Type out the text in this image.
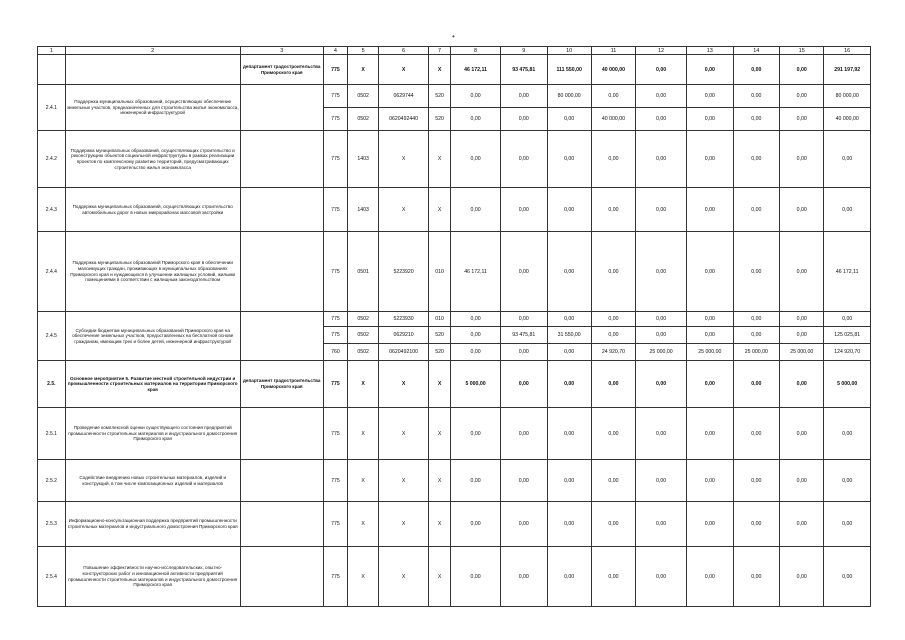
•
1	2	3	4	5	6	7	8	9	10	11	12	13	14	15	16
		департамент градостроительства Приморского края	775	X	X	X	46 172,11	93 475,81	111 550,00	40 000,00	0,00	0,00	0,00	0,00	291 197,92
2.4.1	Поддержка муниципальных образований, осуществляющих обеспечение земельных участков, предназначенных для строительства жилья экономкласса, инженерной инфраструктурой		775	0502	0629744	520	0,00	0,00	80 000,00	0,00	0,00	0,00	0,00	0,00	80 000,00
			775	0502	0620492440	520	0,00	0,00	0,00	40 000,00	0,00	0,00	0,00	0,00	40 000,00
2.4.2	Поддержка муниципальных образований, осуществляющих строительство и реконструкцию объектов социальной инфраструктуры в рамках реализации проектов по комплексному развитию территорий, предусматривающих строительство жилья экономкласса		775	1403	X	X	0,00	0,00	0,00	0,00	0,00	0,00	0,00	0,00	0,00
2.4.3	Поддержка муниципальных образований, осуществляющих строительство автомобильных дорог в новых микрорайонах массовой застройки		775	1403	X	X	0,00	0,00	0,00	0,00	0,00	0,00	0,00	0,00	0,00
2.4.4	Поддержка муниципальных образований Приморского края в обеспечении малоимущих граждан, проживающих в муниципальных образованиях Приморского края и нуждающихся в улучшении жилищных условий, жилыми помещениями в соответствии с жилищным законодательством		775	0501	5223920	010	46 172,11	0,00	0,00	0,00	0,00	0,00	0,00	0,00	46 172,11
2.4.5	Субсидии бюджетам муниципальных образований Приморского края на обеспечение земельных участков, предоставленных на бесплатной основе гражданам, имеющим трех и более детей, инженерной инфраструктурой		775	0502	5223930	010	0,00	0,00	0,00	0,00	0,00	0,00	0,00	0,00	0,00
			775	0502	0629210	520	0,00	93 475,81	31 550,00	0,00	0,00	0,00	0,00	0,00	125 025,81
			760	0502	0620492100	520	0,00	0,00	0,00	24 920,70	25 000,00	25 000,00	25 000,00	25 000,00	124 920,70
2.5.	Основное мероприятие 5. Развитие местной строительной индустрии и промышленности строительных материалов на территории Приморского края	департамент градостроительства Приморского края	775	X	X	X	5 000,00	0,00	0,00	0,00	0,00	0,00	0,00	0,00	5 000,00
2.5.1	Проведение комплексной оценки существующего состояния предприятий промышленности строительных материалов и индустриального домостроения Приморского края		775	X	X	X	0,00	0,00	0,00	0,00	0,00	0,00	0,00	0,00	0,00
2.5.2	Содействие внедрению новых строительных материалов, изделий и конструкций, в том числе композиционных изделий и материалов		775	X	X	X	0,00	0,00	0,00	0,00	0,00	0,00	0,00	0,00	0,00
2.5.3	Информационно-консультационная поддержка предприятий промышленности строительных материалов и индустриального домостроения Приморского края		775	X	X	X	0,00	0,00	0,00	0,00	0,00	0,00	0,00	0,00	0,00
2.5.4	Повышение эффективности научно-исследовательских, опытно-конструкторских работ и инновационной активности предприятий промышленности строительных материалов и индустриального домостроения Приморского края		775	X	X	X	0,00	0,00	0,00	0,00	0,00	0,00	0,00	0,00	0,00
